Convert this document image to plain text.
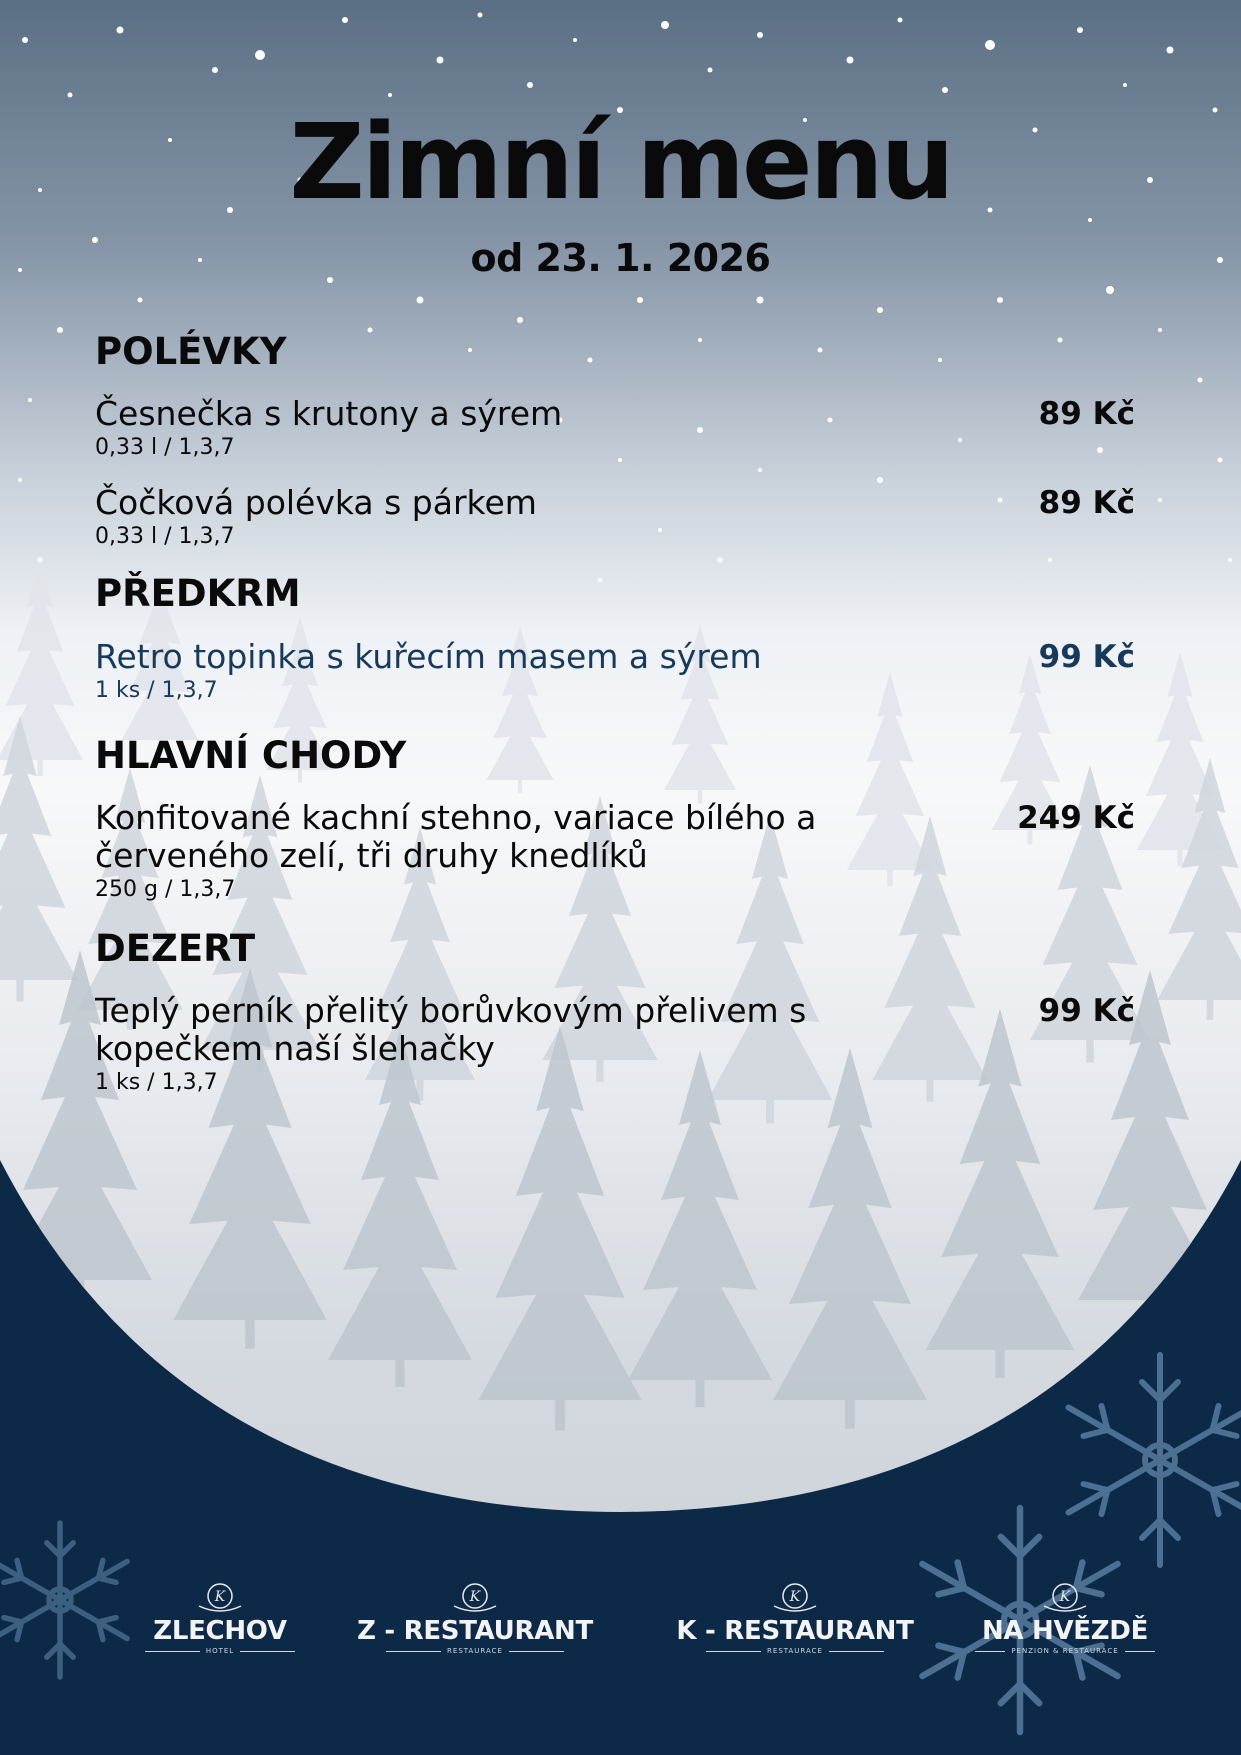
Zimní menu
od 23. 1. 2026
POLÉVKY
Česnečka s krutony a sýrem
0,33 l / 1,3,7
89 Kč
Čočková polévka s párkem
0,33 l / 1,3,7
89 Kč
PŘEDKRM
Retro topinka s kuřecím masem a sýrem
1 ks / 1,3,7
99 Kč
HLAVNÍ CHODY
Konfitované kachní stehno, variace bílého a červeného zelí, tři druhy knedlíků
250 g / 1,3,7
249 Kč
DEZERT
Teplý perník přelitý borůvkovým přelivem s kopečkem naší šlehačky
1 ks / 1,3,7
99 Kč
K
ZLECHOV
HOTEL
K
Z - RESTAURANT
RESTAURACE
K
K - RESTAURANT
RESTAURACE
K
NA HVĚZDĚ
PENZION & RESTAURACE
